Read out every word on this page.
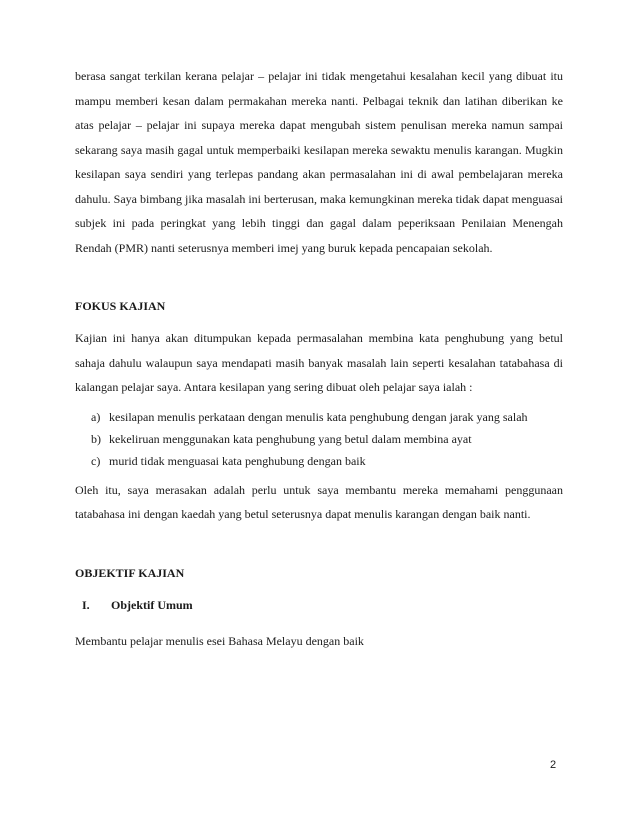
berasa sangat terkilan kerana pelajar – pelajar ini tidak mengetahui kesalahan kecil yang dibuat itu mampu memberi kesan dalam permakahan mereka nanti. Pelbagai teknik dan latihan diberikan ke atas pelajar – pelajar ini supaya mereka dapat mengubah sistem penulisan mereka namun sampai sekarang saya masih gagal untuk memperbaiki kesilapan mereka sewaktu menulis karangan. Mugkin kesilapan saya sendiri yang terlepas pandang akan permasalahan ini di awal pembelajaran mereka dahulu. Saya bimbang jika masalah ini berterusan, maka kemungkinan mereka tidak dapat menguasai subjek ini pada peringkat yang lebih tinggi dan gagal dalam peperiksaan Penilaian Menengah Rendah (PMR) nanti seterusnya memberi imej yang buruk kepada pencapaian sekolah.

FOKUS KAJIAN

Kajian ini hanya akan ditumpukan kepada permasalahan membina kata penghubung yang betul sahaja dahulu walaupun saya mendapati masih banyak masalah lain seperti kesalahan tatabahasa di kalangan pelajar saya. Antara kesilapan yang sering dibuat oleh pelajar saya ialah :

a) kesilapan menulis perkataan dengan menulis kata penghubung dengan jarak yang salah
b) kekeliruan menggunakan kata penghubung yang betul dalam membina ayat
c) murid tidak menguasai kata penghubung dengan baik

Oleh itu, saya merasakan adalah perlu untuk saya membantu mereka memahami penggunaan tatabahasa ini dengan kaedah yang betul seterusnya dapat menulis karangan dengan baik nanti.

OBJEKTIF KAJIAN

I.	Objektif Umum

Membantu pelajar menulis esei Bahasa Melayu dengan baik

2
